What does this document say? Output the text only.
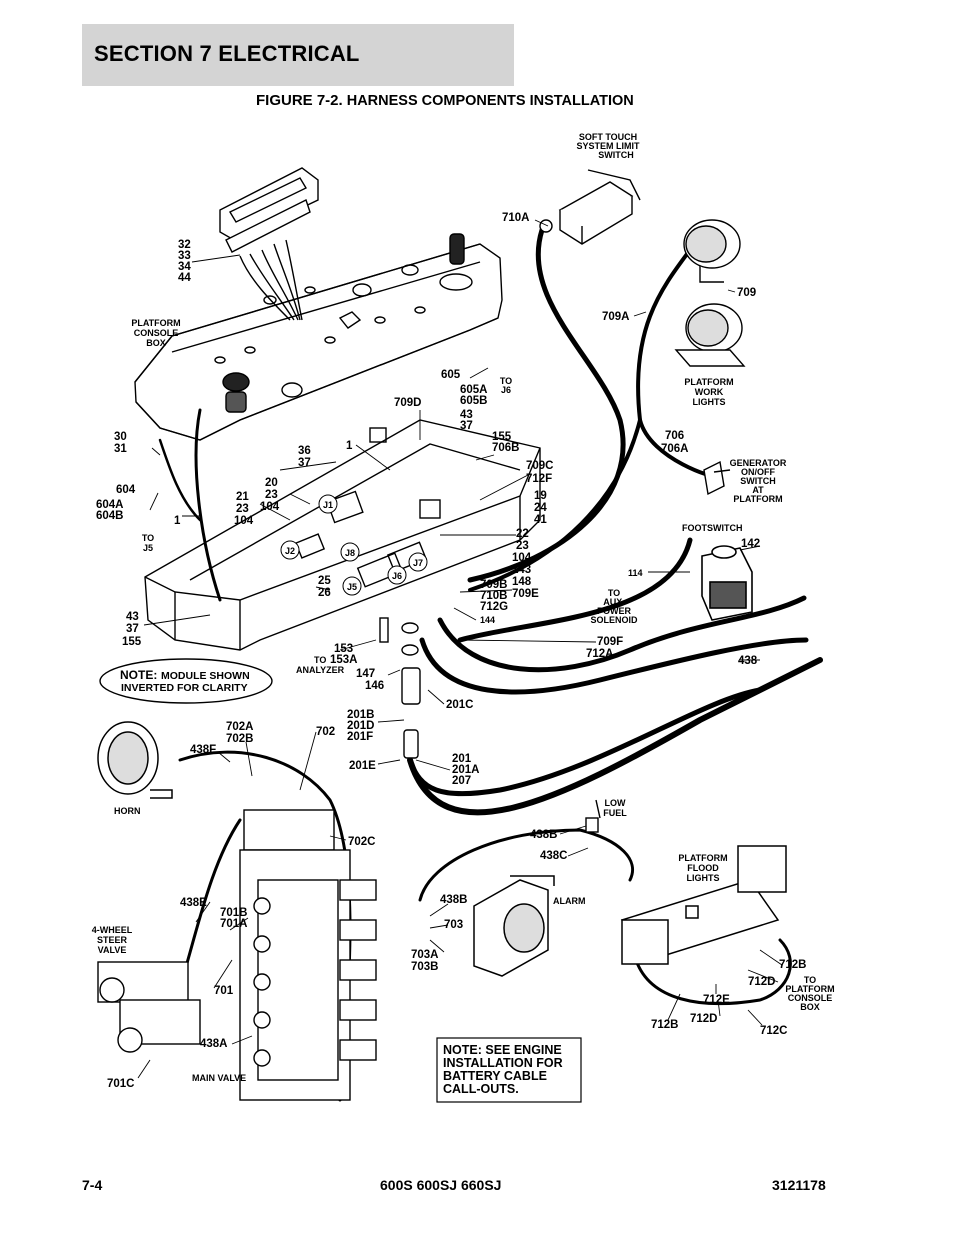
SECTION 7 ELECTRICAL
FIGURE 7-2. HARNESS COMPONENTS INSTALLATION
J1
J2	J8
J5
J6
J7
NOTE: MODULE SHOWN
INVERTED FOR CLARITY
NOTE: SEE ENGINE
INSTALLATION FOR
BATTERY CABLE
CALL-OUTS.
SOFT TOUCH
SYSTEM LIMIT
SWITCH
PLATFORM
CONSOLE
BOX
PLATFORM
WORK
LIGHTS
GENERATOR
ON/OFF
SWITCH
AT
PLATFORM
FOOTSWITCH
TO
AUX.
POWER
SOLENOID
TO
J6
TO
J5
TO
ANALYZER
HORN
LOW
FUEL
PLATFORM
FLOOD
LIGHTS
ALARM
4-WHEEL
STEER
VALVE
MAIN VALVE
TO
PLATFORM
CONSOLE
BOX
32
33
34
44
710A
709
709A
605
605A
605B
43
37
709D
155
706B
706
706A
1
709C
712F
19
24
41
30
31	36
37
20
23
104
21
23
104
604
604A
604B	1
22
23
104
143
148
709E
142
114
709B
710B
712G
144
25
26
43
37
155
153
153A
147
146
709F
712A
438
201C
201B
201D
201F
201E
201
201A
207
702A
702B
702
438F
702C
438B
438C
438E
701B
701A
438B
703
703A
703B
701
438A
701C
712B
712D
712E
712B 712D
712C
7-4	600S 600SJ 660SJ	3121178
